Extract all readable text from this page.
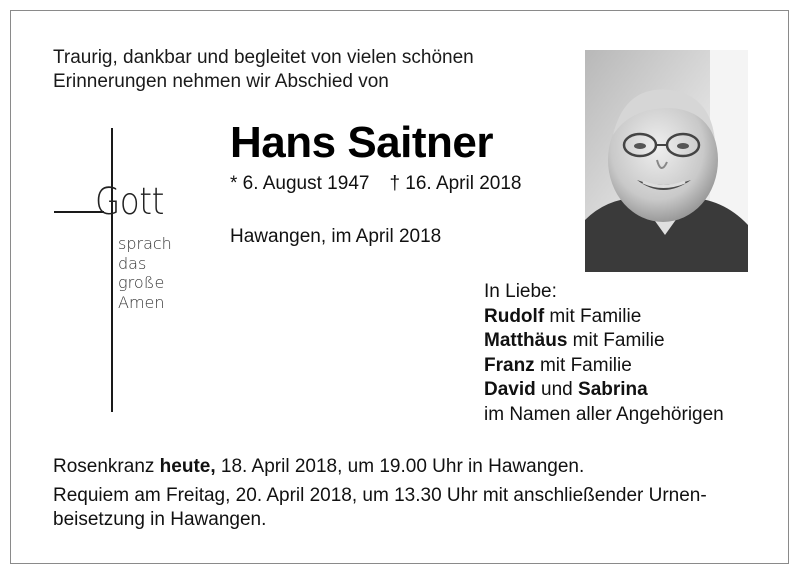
Traurig, dankbar und begleitet von vielen schönen
Erinnerungen nehmen wir Abschied von
Gott
sprach
das
große
Amen
Hans Saitner
* 6. August 1947 † 16. April 2018
Hawangen, im April 2018
In Liebe:
Rudolf mit Familie
Matthäus mit Familie
Franz mit Familie
David und Sabrina
im Namen aller Angehörigen
Rosenkranz heute, 18. April 2018, um 19.00 Uhr in Hawangen.
Requiem am Freitag, 20. April 2018, um 13.30 Uhr mit anschließender Urnen-
beisetzung in Hawangen.
